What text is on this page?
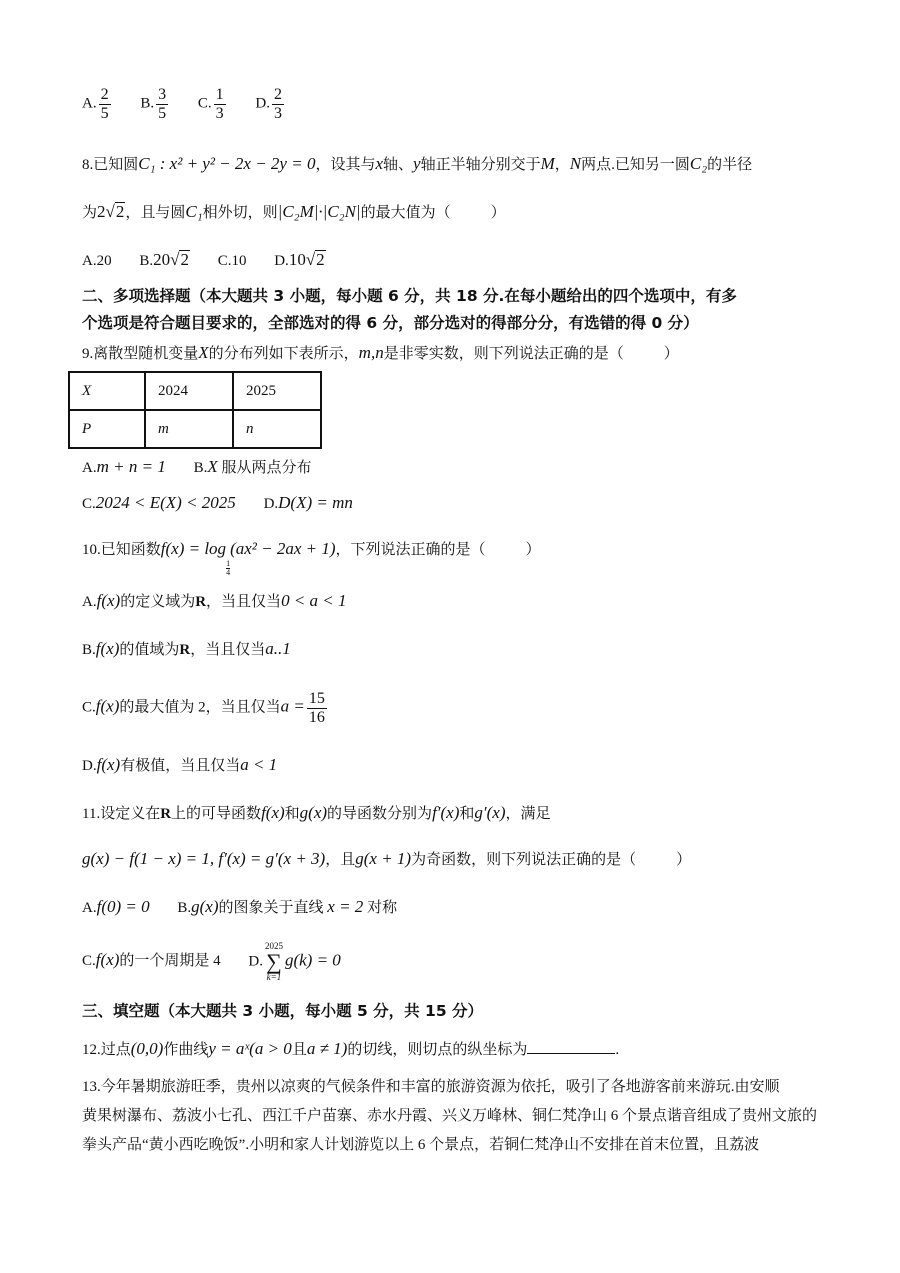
A. $\frac{2}{5} B$. $\frac{3}{5} C$. $\frac{1}{3} D$. $\frac{2}{3}$
8.已知圆C₁ : x² + y² − 2x − 2y = 0，设其与x轴、y轴正半轴分别交于M，N两点.已知另一圆C₂的半径
为 2 √ 2 ，且与圆C₁相外切，则|C₂M|·|C₂N|的最大值为（	）
A.20 B. 20 √ 2 C.10 D. 10 √ 2
二、多项选择题（本大题共 3 小题，每小题 6 分，共 18 分.在每小题给出的四个选项中，有多
个选项是符合题目要求的，全部选对的得 6 分，部分选对的得部分分，有选错的得 0 分）
9.离散型随机变量X的分布列如下表所示，m,n是非零实数，则下列说法正确的是（	）
X	2024	2025
P	m	n
A.m + n = 1 B.X 服从两点分布
C.2024 < E(X) < 2025 D.D(X) = mn
10.已知函数f(x) = log
$\frac{1}{4}$
(ax² − 2ax + 1)，下列说法正确的是（	）
A.f(x)的定义域为R，当且仅当0 < a < 1
B.f(x)的值域为R，当且仅当a..1
C.f(x)的最大值为 2，当且仅当$a = \frac{15}{16}$
D.f(x)有极值，当且仅当a < 1
11.设定义在R上的可导函数f(x)和g(x)的导函数分别为f′(x)和g′(x)，满足
g(x) − f(1 − x) = 1, f′(x) = g′(x + 3)，且g(x + 1)为奇函数，则下列说法正确的是（	）
A.f(0) = 0 B.g(x)的图象关于直线 x = 2 对称
C.f(x)的一个周期是 4 D.
2025
∑
k=1
g(k) = 0
三、填空题（本大题共 3 小题，每小题 5 分，共 15 分）
12.过点(0,0)作曲线y = aˣ(a > 0且a ≠ 1)的切线，则切点的纵坐标为	.
13.今年暑期旅游旺季，贵州以凉爽的气候条件和丰富的旅游资源为依托，吸引了各地游客前来游玩.由安顺
黄果树瀑布、荔波小七孔、西江千户苗寨、赤水丹霞、兴义万峰林、铜仁梵净山 6 个景点谐音组成了贵州文旅的
拳头产品“黄小西吃晚饭”.小明和家人计划游览以上 6 个景点，若铜仁梵净山不安排在首末位置，且荔波
